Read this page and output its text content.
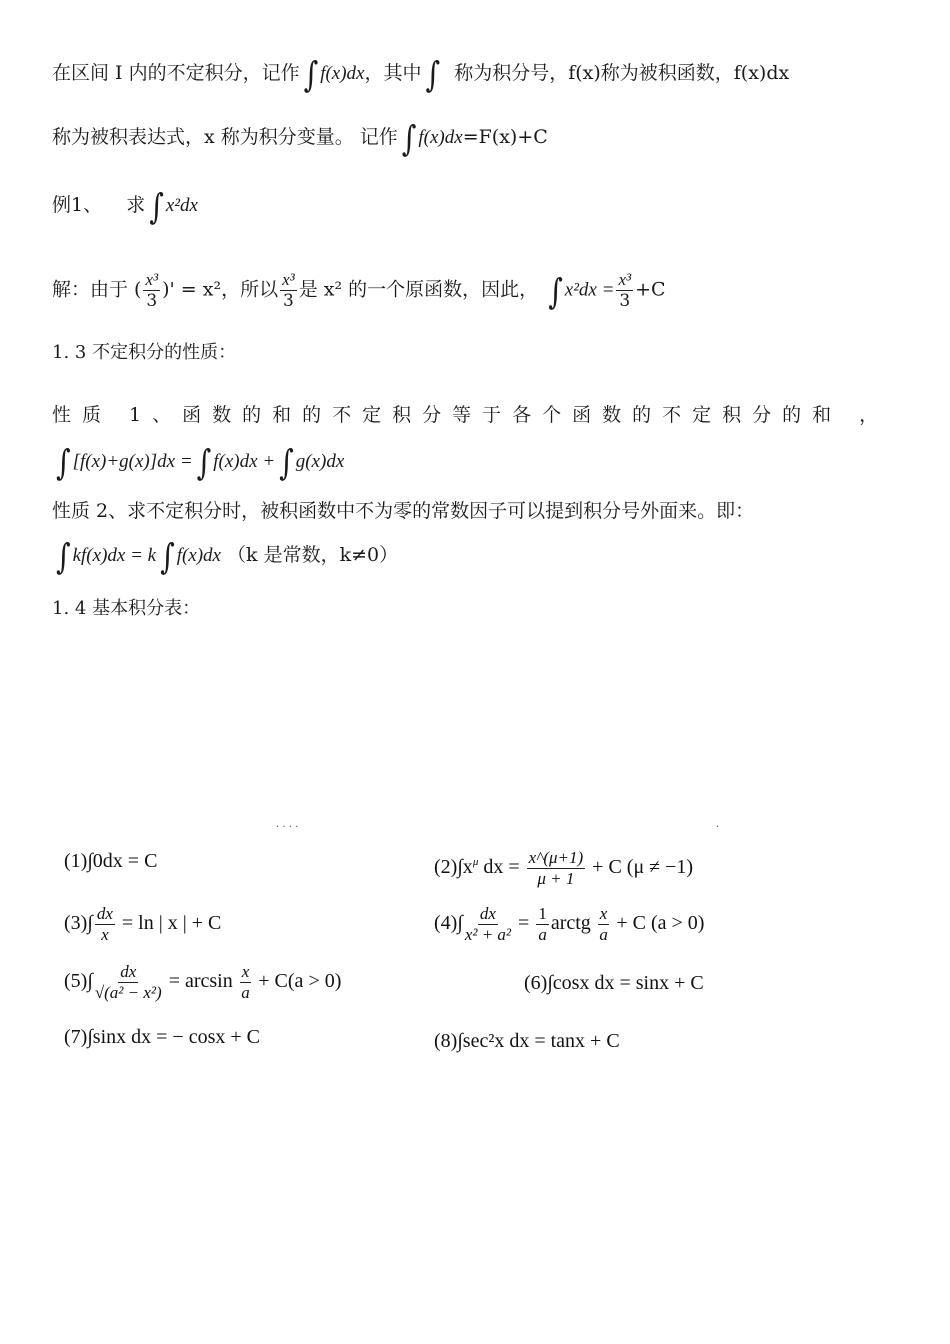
在区间 I 内的不定积分，记作 ∫ f(x)dx，其中 ∫ 称为积分号，f(x)称为被积函数，f(x)dx
称为被积表达式，x 称为积分变量。 记作 ∫ f(x)dx=F(x)+C
例1、 求 ∫ x²dx
解：由于 ( $\frac{\text{x³}}{3}$ )' = x²，所以 $\frac{\text{x³}}{3}$ 是 x² 的一个原函数，因此， ∫ $x^2dx = \frac{\text{x³}}{3} +C$
1. 3 不定积分的性质：
性质 1、函数的和的不定积分等于各个函数的不定积分的和 ，
∫ [f(x)+g(x)]dx = ∫ f(x)dx + ∫ g(x)dx
性质 2、求不定积分时，被积函数中不为零的常数因子可以提到积分号外面来。即：
∫ kf(x)dx = k ∫ f(x)dx （k 是常数，k≠0）
1. 4 基本积分表：
· · · ·	·
(1)∫0dx = C	$(2)\int x^\mu$ dx = $\frac{x\^{}(\mu+1)}{\mu + 1} + C$ (μ ≠ −1)
$(3)\int \frac{dx}{x} = \ln$ | x | + C	$(4)\int \frac{dx}{\text{x² + a²}} = \frac{1}{a}$ arctg $\frac{x}{a} + C$ (a > 0)
$(5)\int \frac{dx}{\text{√(a² − x²)}} = \arcsin \frac{x}{a} + C(a > 0)$	(6)∫cosx dx = sinx + C
(7)∫sinx dx = − cosx + C	(8)∫sec²x dx = tanx + C
